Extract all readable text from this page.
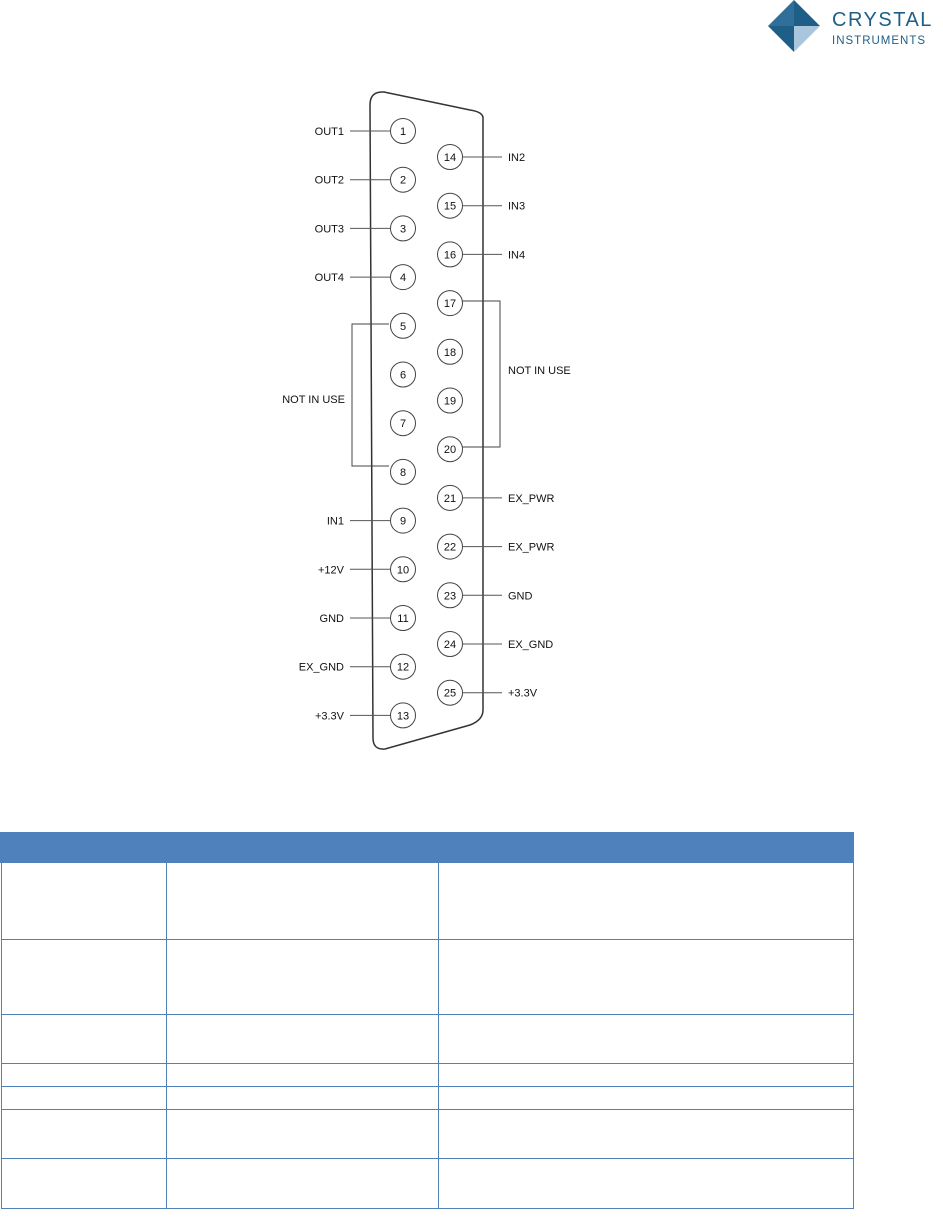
CRYSTAL
INSTRUMENTS
OUT1	1
OUT2	2
OUT3	3
OUT4	4
5
6
7
8
IN1	9
+12V	10
GND	11
EX_GND	12
+3.3V	13
IN2
14
IN3
15
IN4
16
17
18
19
20
EX_PWR
21
EX_PWR
22
GND
23
EX_GND
24
+3.3V
25
NOT IN USE
NOT IN USE
